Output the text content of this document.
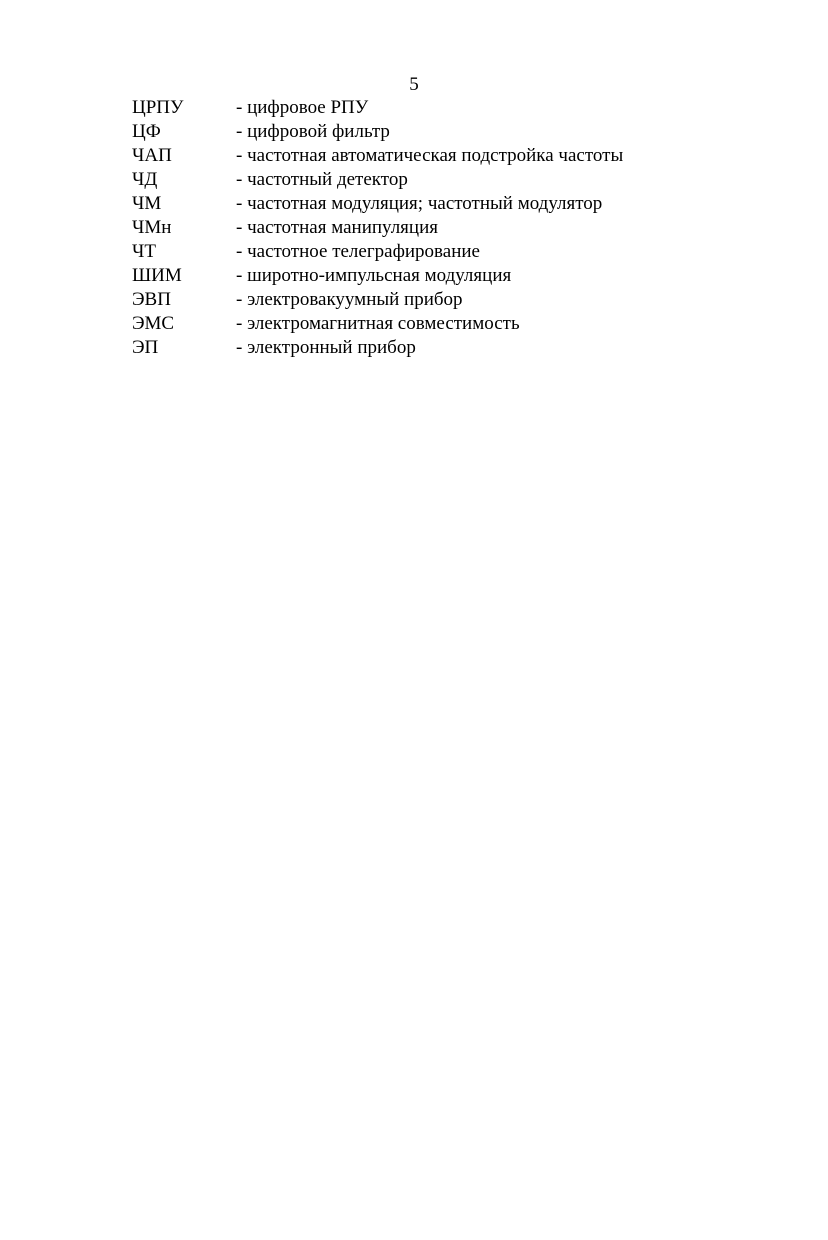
5
ЦРПУ	- цифровое РПУ
ЦФ	- цифровой фильтр
ЧАП	- частотная автоматическая подстройка частоты
ЧД	- частотный детектор
ЧМ	- частотная модуляция; частотный модулятор
ЧМн	- частотная манипуляция
ЧТ	- частотное телеграфирование
ШИМ	- широтно-импульсная модуляция
ЭВП	- электровакуумный прибор
ЭМС	- электромагнитная совместимость
ЭП	- электронный прибор
